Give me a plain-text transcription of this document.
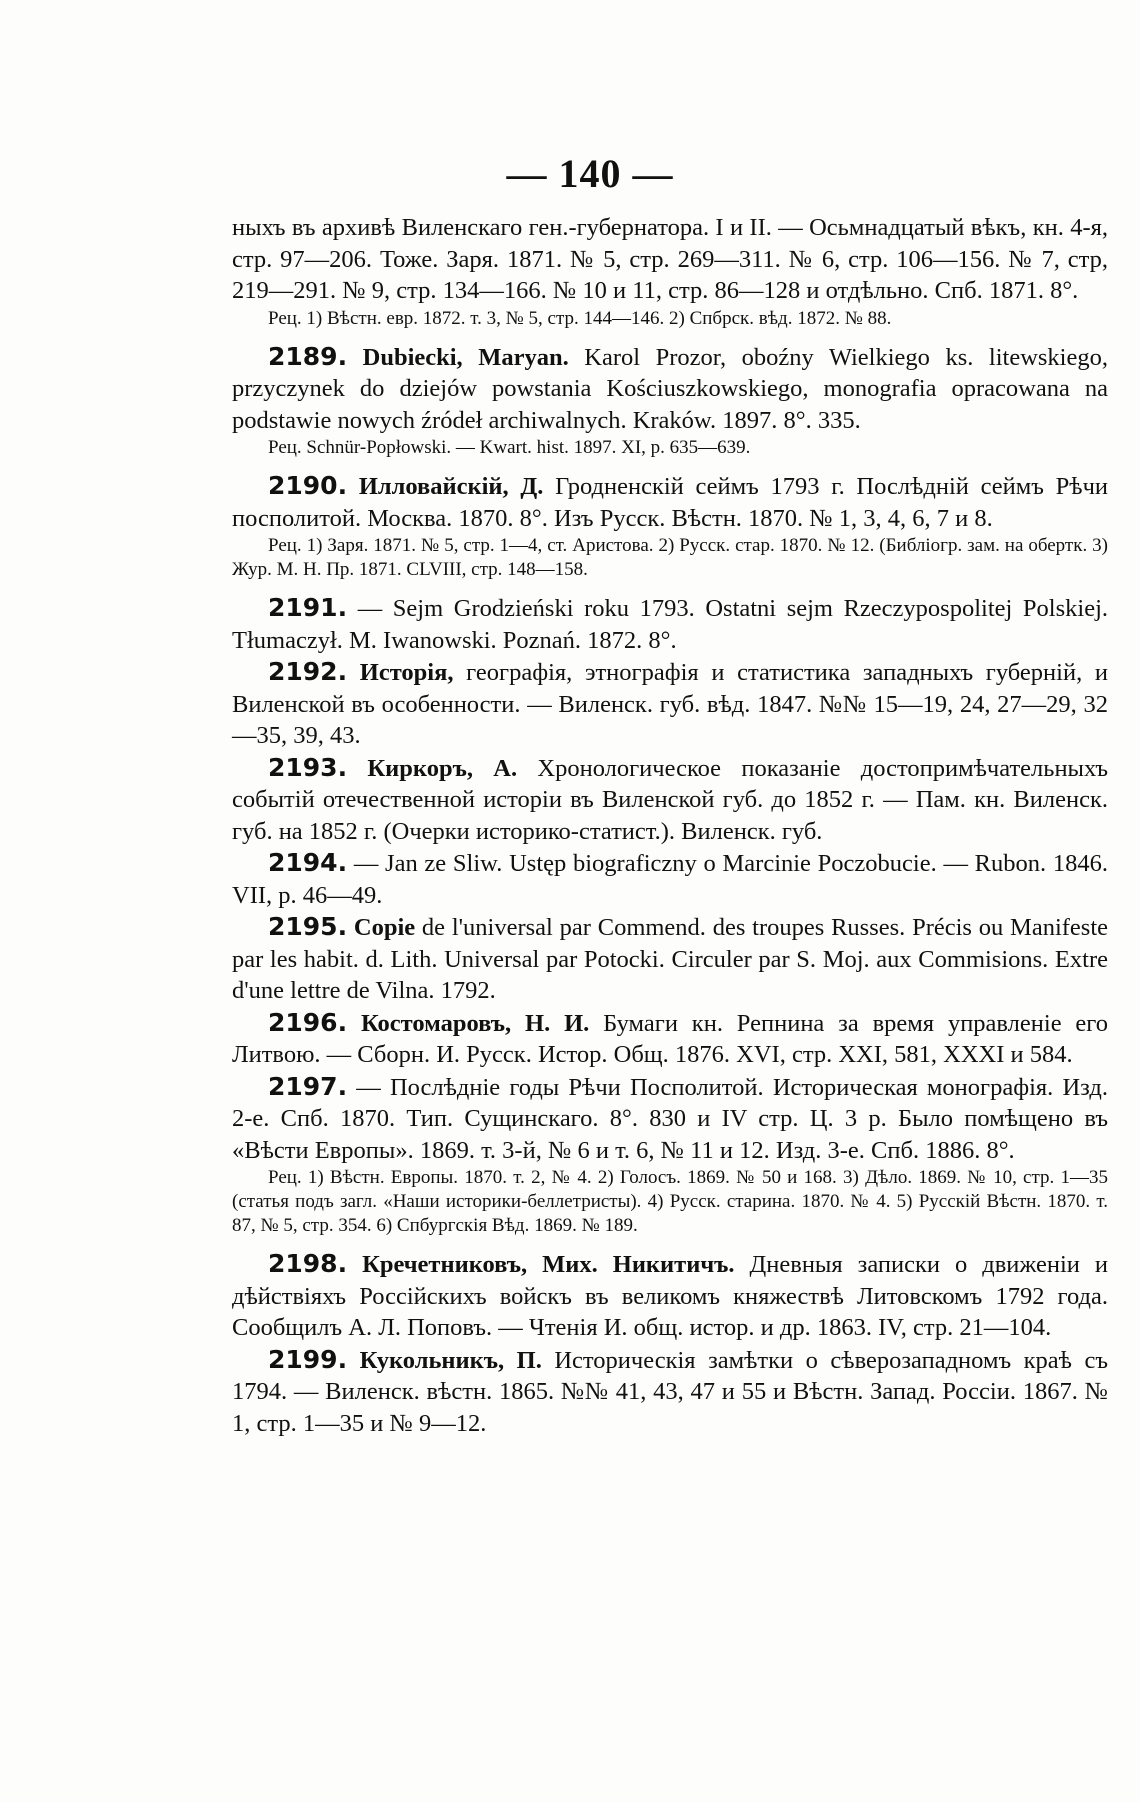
— 140 —

ныхъ въ архивѣ Виленскаго ген.-губернатора. I и II. — Осьмнадцатый вѣкъ, кн. 4-я, стр. 97—206. Тоже. Заря. 1871. № 5, стр. 269—311. № 6, стр. 106—156. № 7, стр, 219—291. № 9, стр. 134—166. № 10 и 11, стр. 86—128 и отдѣльно. Спб. 1871. 8°.

Рец. 1) Вѣстн. евр. 1872. т. 3, № 5, стр. 144—146. 2) Спбрск. вѣд. 1872. № 88.

2189. Dubiecki, Maryan. Karol Prozor, oboźny Wielkiego ks. litewskiego, przyczynek do dziejów powstania Kościuszkowskiego, monografia opracowana na podstawie nowych źródeł archiwalnych. Kraków. 1897. 8°. 335.

Рец. Schnür-Popłowski. — Kwart. hist. 1897. XI, p. 635—639.

2190. Илловайскій, Д. Гродненскій сеймъ 1793 г. Послѣдній сеймъ Рѣчи посполитой. Москва. 1870. 8°. Изъ Русск. Вѣстн. 1870. № 1, 3, 4, 6, 7 и 8.

Рец. 1) Заря. 1871. № 5, стр. 1—4, ст. Аристова. 2) Русск. стар. 1870. № 12. (Библіогр. зам. на обертк. 3) Жур. М. Н. Пр. 1871. CLVIII, стр. 148—158.

2191. — Sejm Grodzieński roku 1793. Ostatni sejm Rzeczypospolitej Polskiej. Tłumaczył. M. Iwanowski. Poznań. 1872. 8°.

2192. Исторія, географія, этнографія и статистика западныхъ губерній, и Виленской въ особенности. — Виленск. губ. вѣд. 1847. №№ 15—19, 24, 27—29, 32—35, 39, 43.

2193. Киркоръ, А. Хронологическое показаніе достопримѣчательныхъ событій отечественной исторіи въ Виленской губ. до 1852 г. — Пам. кн. Виленск. губ. на 1852 г. (Очерки историко-статист.). Виленск. губ.

2194. — Jan ze Sliw. Ustęp biograficzny o Marcinie Poczobucie. — Rubon. 1846. VII, p. 46—49.

2195. Copie de l'universal par Commend. des troupes Russes. Précis ou Manifeste par les habit. d. Lith. Universal par Potocki. Circuler par S. Moj. aux Commisions. Extre d'une lettre de Vilna. 1792.

2196. Костомаровъ, Н. И. Бумаги кн. Репнина за время управленіе его Литвою. — Сборн. И. Русск. Истор. Общ. 1876. XVI, стр. XXI, 581, XXXI и 584.

2197. — Послѣдніе годы Рѣчи Посполитой. Историческая монографія. Изд. 2-е. Спб. 1870. Тип. Сущинскаго. 8°. 830 и IV стр. Ц. 3 р. Было помѣщено въ «Вѣсти Европы». 1869. т. 3-й, № 6 и т. 6, № 11 и 12. Изд. 3-е. Спб. 1886. 8°.

Рец. 1) Вѣстн. Европы. 1870. т. 2, № 4. 2) Голосъ. 1869. № 50 и 168. 3) Дѣло. 1869. № 10, стр. 1—35 (статья подъ загл. «Наши историки-беллетристы). 4) Русск. старина. 1870. № 4. 5) Русскій Вѣстн. 1870. т. 87, № 5, стр. 354. 6) Спбургскія Вѣд. 1869. № 189.

2198. Кречетниковъ, Мих. Никитичъ. Дневныя записки о движеніи и дѣйствіяхъ Россійскихъ войскъ въ великомъ княжествѣ Литовскомъ 1792 года. Сообщилъ А. Л. Поповъ. — Чтенія И. общ. истор. и др. 1863. IV, стр. 21—104.

2199. Кукольникъ, П. Историческія замѣтки о сѣверозападномъ краѣ съ 1794. — Виленск. вѣстн. 1865. №№ 41, 43, 47 и 55 и Вѣстн. Запад. Россіи. 1867. № 1, стр. 1—35 и № 9—12.
